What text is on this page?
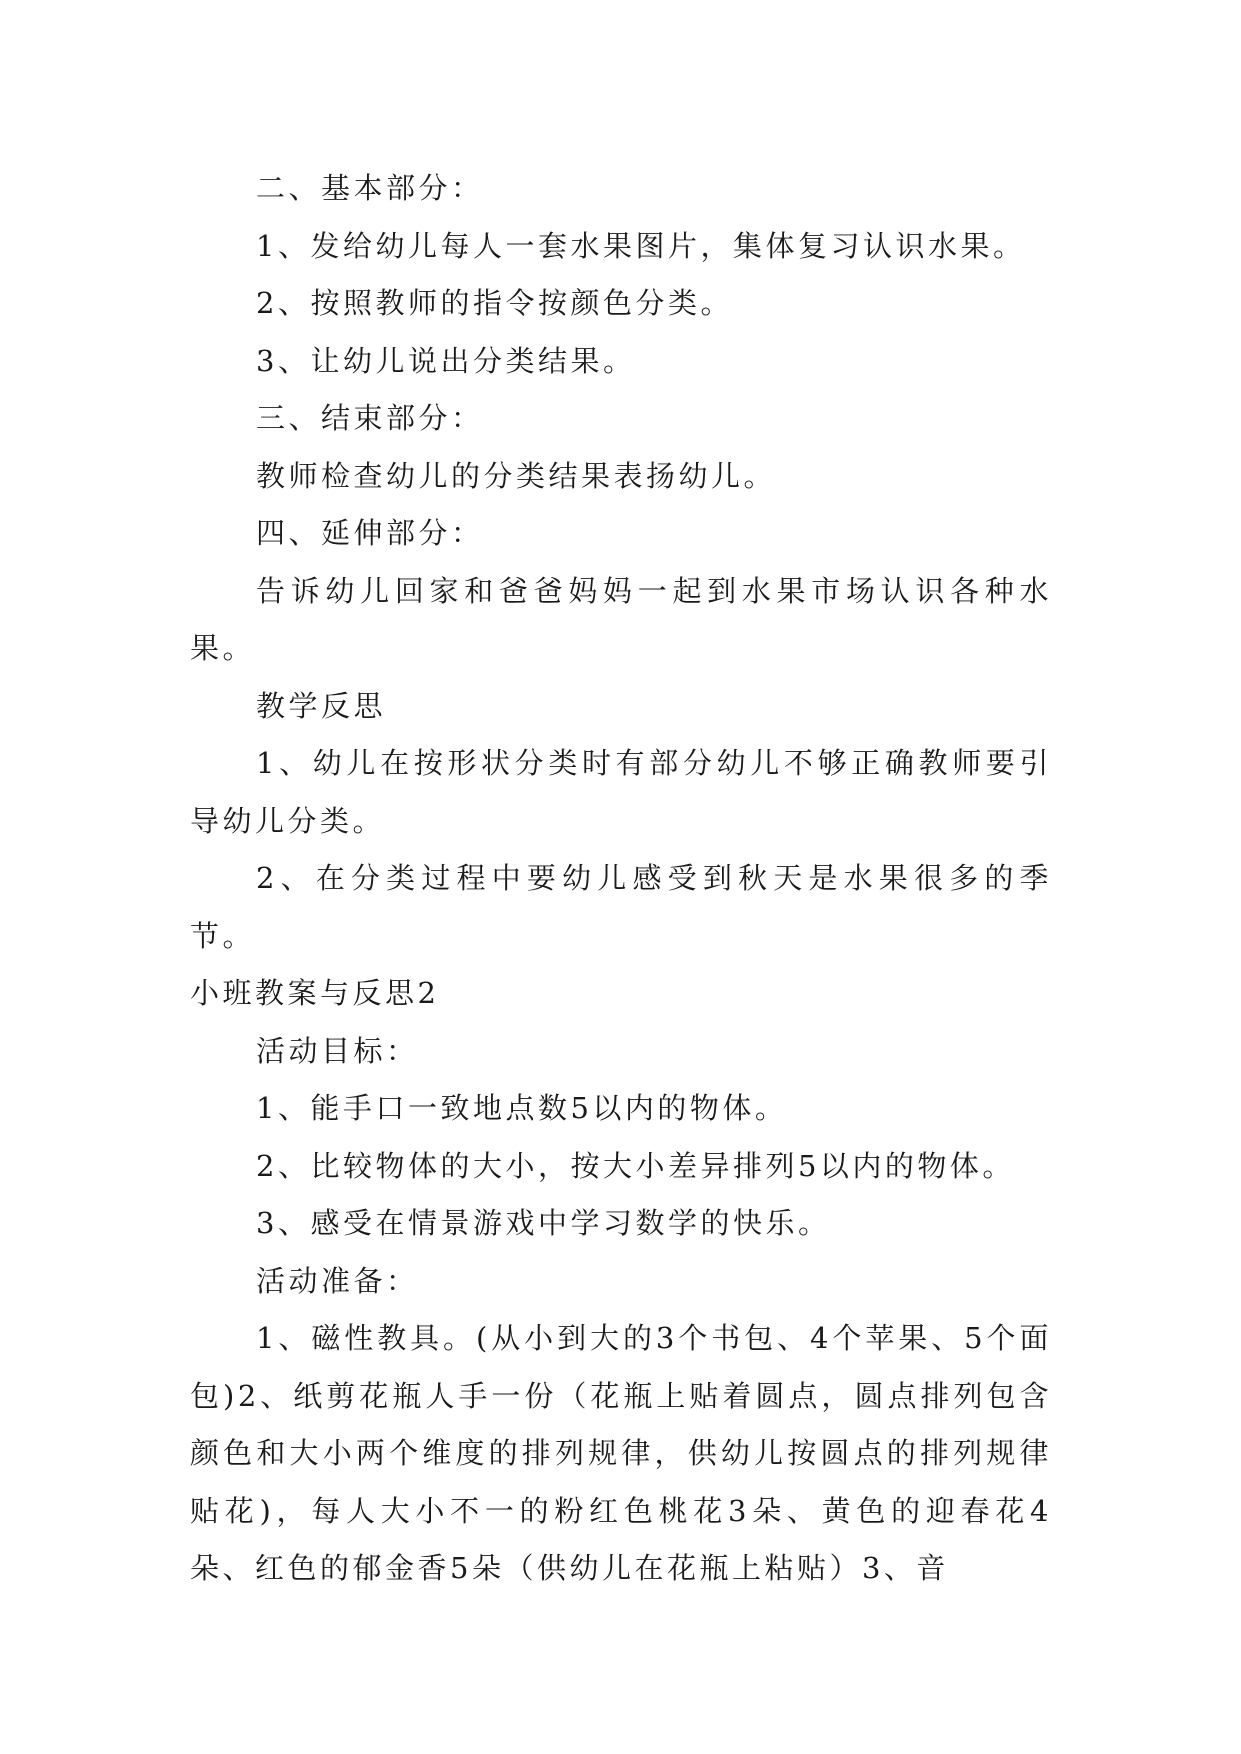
二、基本部分：

1、发给幼儿每人一套水果图片，集体复习认识水果。

2、按照教师的指令按颜色分类。

3、让幼儿说出分类结果。

三、结束部分：

教师检查幼儿的分类结果表扬幼儿。

四、延伸部分：

告诉幼儿回家和爸爸妈妈一起到水果市场认识各种水果。

教学反思

1、幼儿在按形状分类时有部分幼儿不够正确教师要引导幼儿分类。

2、在分类过程中要幼儿感受到秋天是水果很多的季节。

小班教案与反思2

活动目标：

1、能手口一致地点数5以内的物体。

2、比较物体的大小，按大小差异排列5以内的物体。

3、感受在情景游戏中学习数学的快乐。

活动准备：

1、磁性教具。(从小到大的3个书包、4个苹果、5个面包)2、纸剪花瓶人手一份（花瓶上贴着圆点，圆点排列包含颜色和大小两个维度的排列规律，供幼儿按圆点的排列规律贴花)，每人大小不一的粉红色桃花3朵、黄色的迎春花4朵、红色的郁金香5朵（供幼儿在花瓶上粘贴）3、音
